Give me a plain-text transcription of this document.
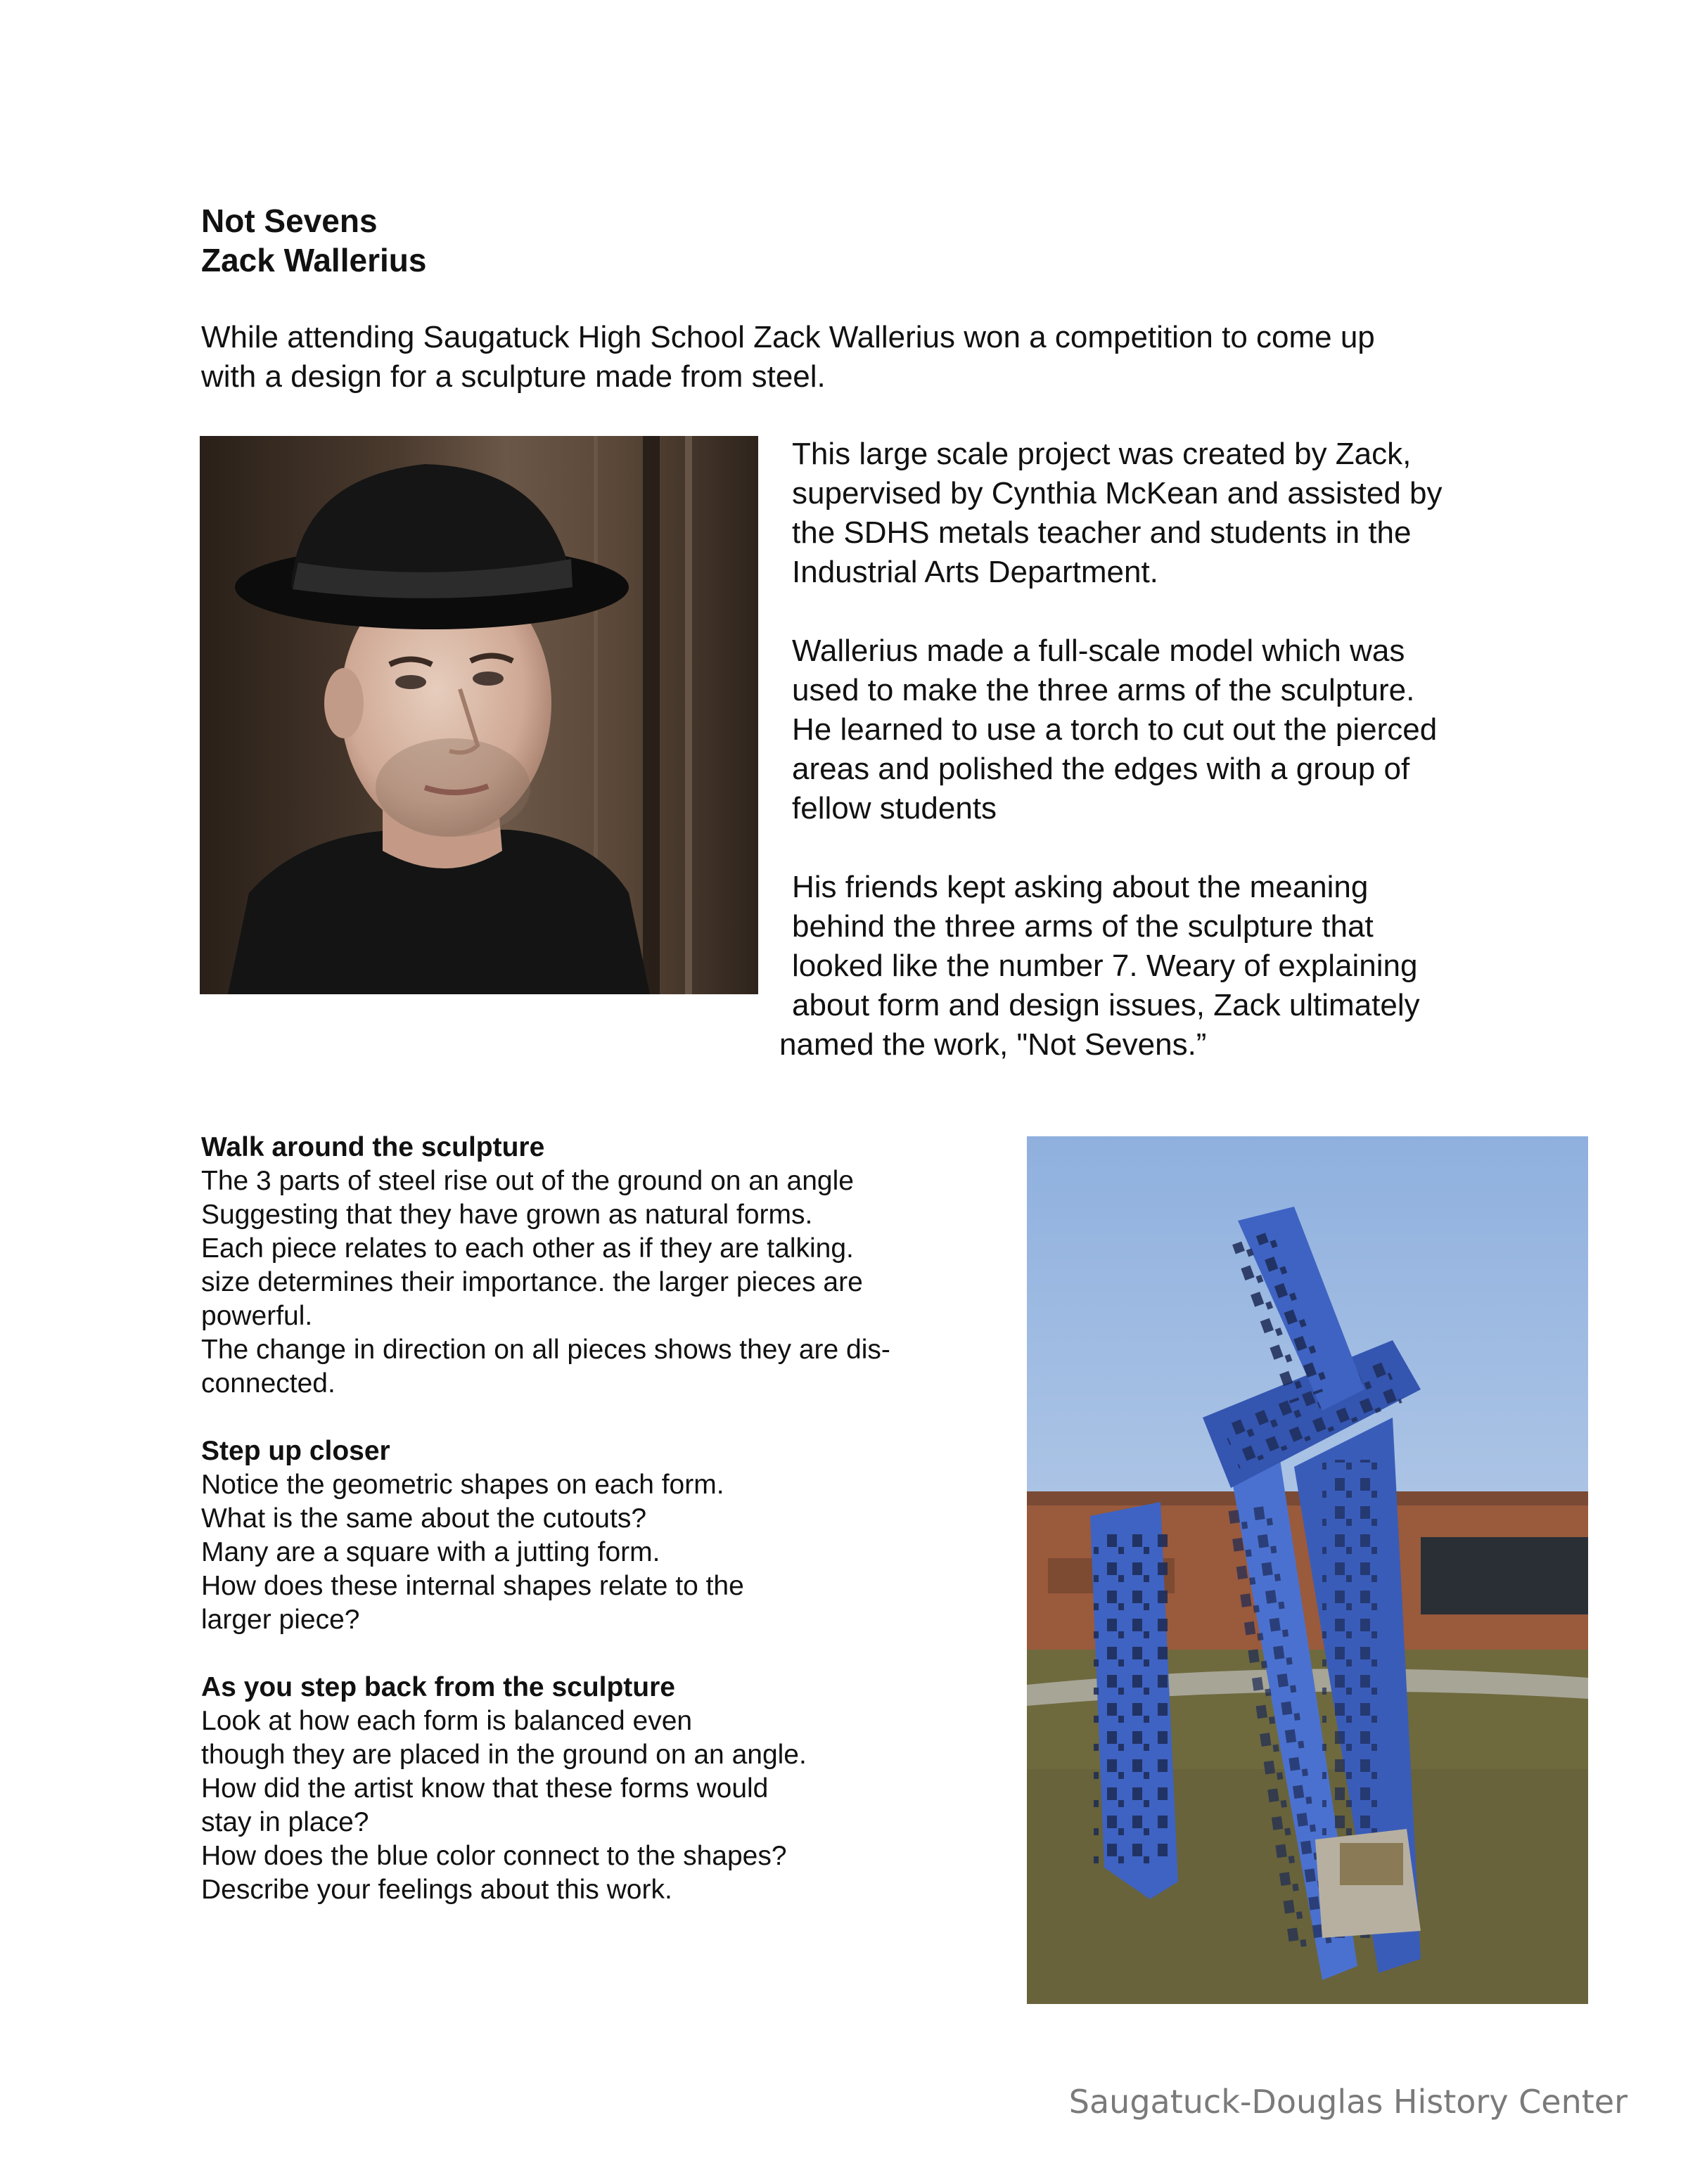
Not Sevens
Zack Wallerius
While attending Saugatuck High School Zack Wallerius won a competition to come up
with a design for a sculpture made from steel.
This large scale project was created by Zack,
supervised by Cynthia McKean and assisted by
the SDHS metals teacher and students in the
Industrial Arts Department.
Wallerius made a full-scale model which was
used to make the three arms of the sculpture.
He learned to use a torch to cut out the pierced
areas and polished the edges with a group of
fellow students
His friends kept asking about the meaning
behind the three arms of the sculpture that
looked like the number 7. Weary of explaining
about form and design issues, Zack ultimately
named the work, "Not Sevens.”
Walk around the sculpture
The 3 parts of steel rise out of the ground on an angle
Suggesting that they have grown as natural forms.
Each piece relates to each other as if they are talking.
size determines their importance. the larger pieces are
powerful.
The change in direction on all pieces shows they are dis-
connected.
Step up closer
Notice the geometric shapes on each form.
What is the same about the cutouts?
Many are a square with a jutting form.
How does these internal shapes relate to the
larger piece?
As you step back from the sculpture
Look at how each form is balanced even
though they are placed in the ground on an angle.
How did the artist know that these forms would
stay in place?
How does the blue color connect to the shapes?
Describe your feelings about this work.
Saugatuck-Douglas History Center
